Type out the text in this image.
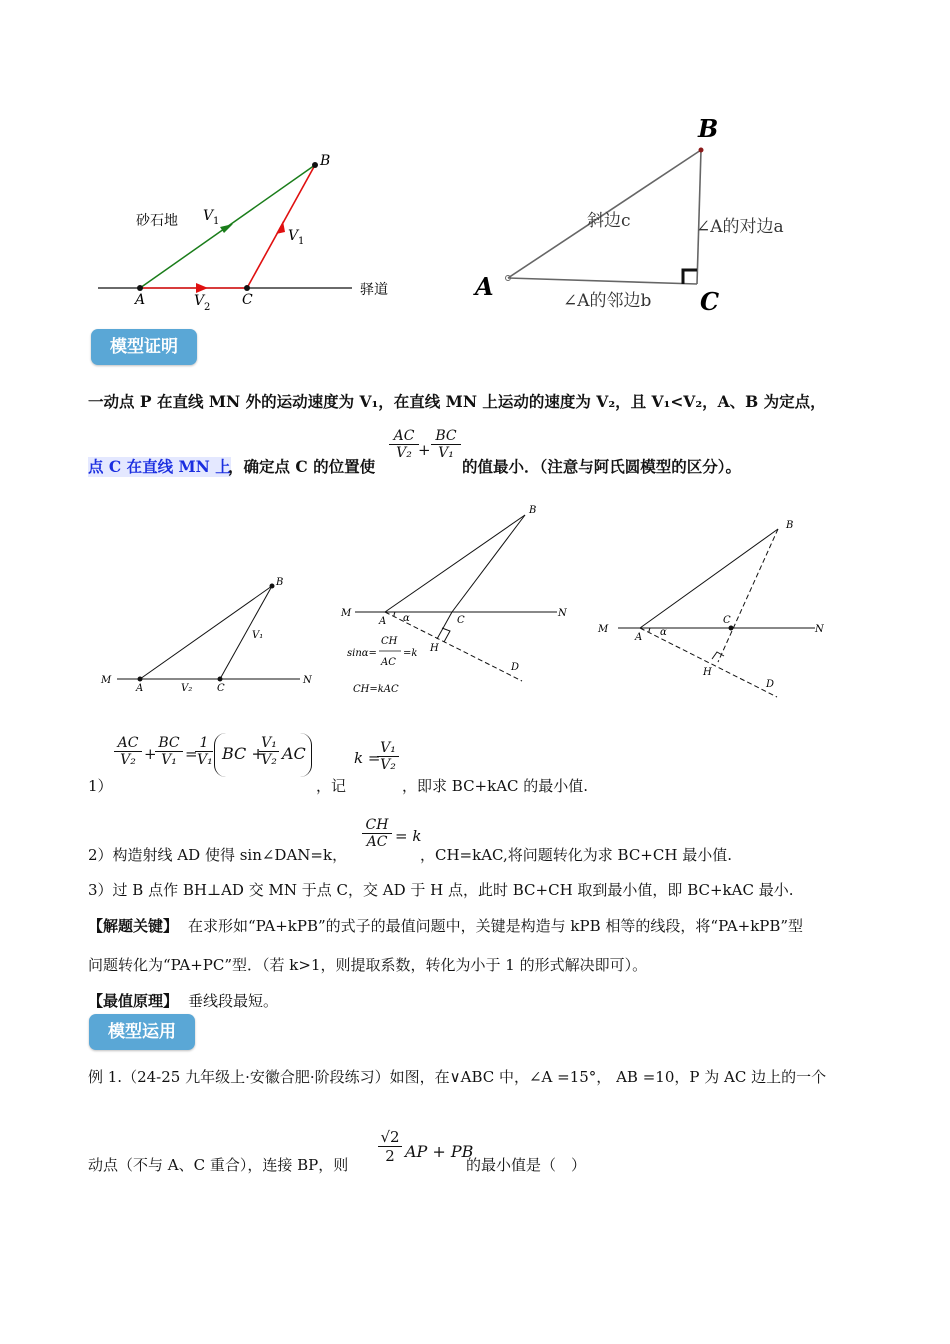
B
A	C
V 1
V 1
V 2
砂石地
驿道
B
A
C
斜边c	∠A的对边a
∠A的邻边b
模型证明
一动点 P 在直线 MN 外的运动速度为 V₁，在直线 MN 上运动的速度为 V₂，且 V₁<V₂，A、B 为定点，
点 C 在直线 MN 上
，确定点 C 的位置使
$\frac{AC}{\text{V₂}} + \frac{BC}{\text{V₁}}$
的值最小．（注意与阿氏圆模型的区分）。
M
A	V₂ C
N
B
V₁
M
A α	C
N
B
H
D
sinα=
CH
AC
=k
CH=kAC
M
A α
C
N
B
H
D
1）
$\frac{AC}{\text{V₂}}$ +
$\frac{BC}{\text{V₁}}$ =
$\frac{1}{\text{V₁}}$ BC +
$\frac{\text{V₁}}{\text{V₂}}$ AC
，记
k =
$\frac{\text{V₁}}{\text{V₂}}$
，即求 BC+kAC 的最小值.
2）构造射线 AD 使得 sin∠DAN=k，
$\frac{CH}{AC} = k$
，CH=kAC,将问题转化为求 BC+CH 最小值.
3）过 B 点作 BH⊥AD 交 MN 于点 C，交 AD 于 H 点，此时 BC+CH 取到最小值，即 BC+kAC 最小.
【解题关键】 在求形如“PA+kPB”的式子的最值问题中，关键是构造与 kPB 相等的线段，将“PA+kPB”型
问题转化为“PA+PC”型．（若 k>1，则提取系数，转化为小于 1 的形式解决即可）。
【最值原理】 垂线段最短。
模型运用
例 1.（24-25 九年级上·安徽合肥·阶段练习）如图，在∨ABC 中，∠A =15°， AB =10，P 为 AC 边上的一个
动点（不与 A、C 重合），连接 BP，则 $\frac{√2}{2}$ AP + PB
的最小值是（　）
